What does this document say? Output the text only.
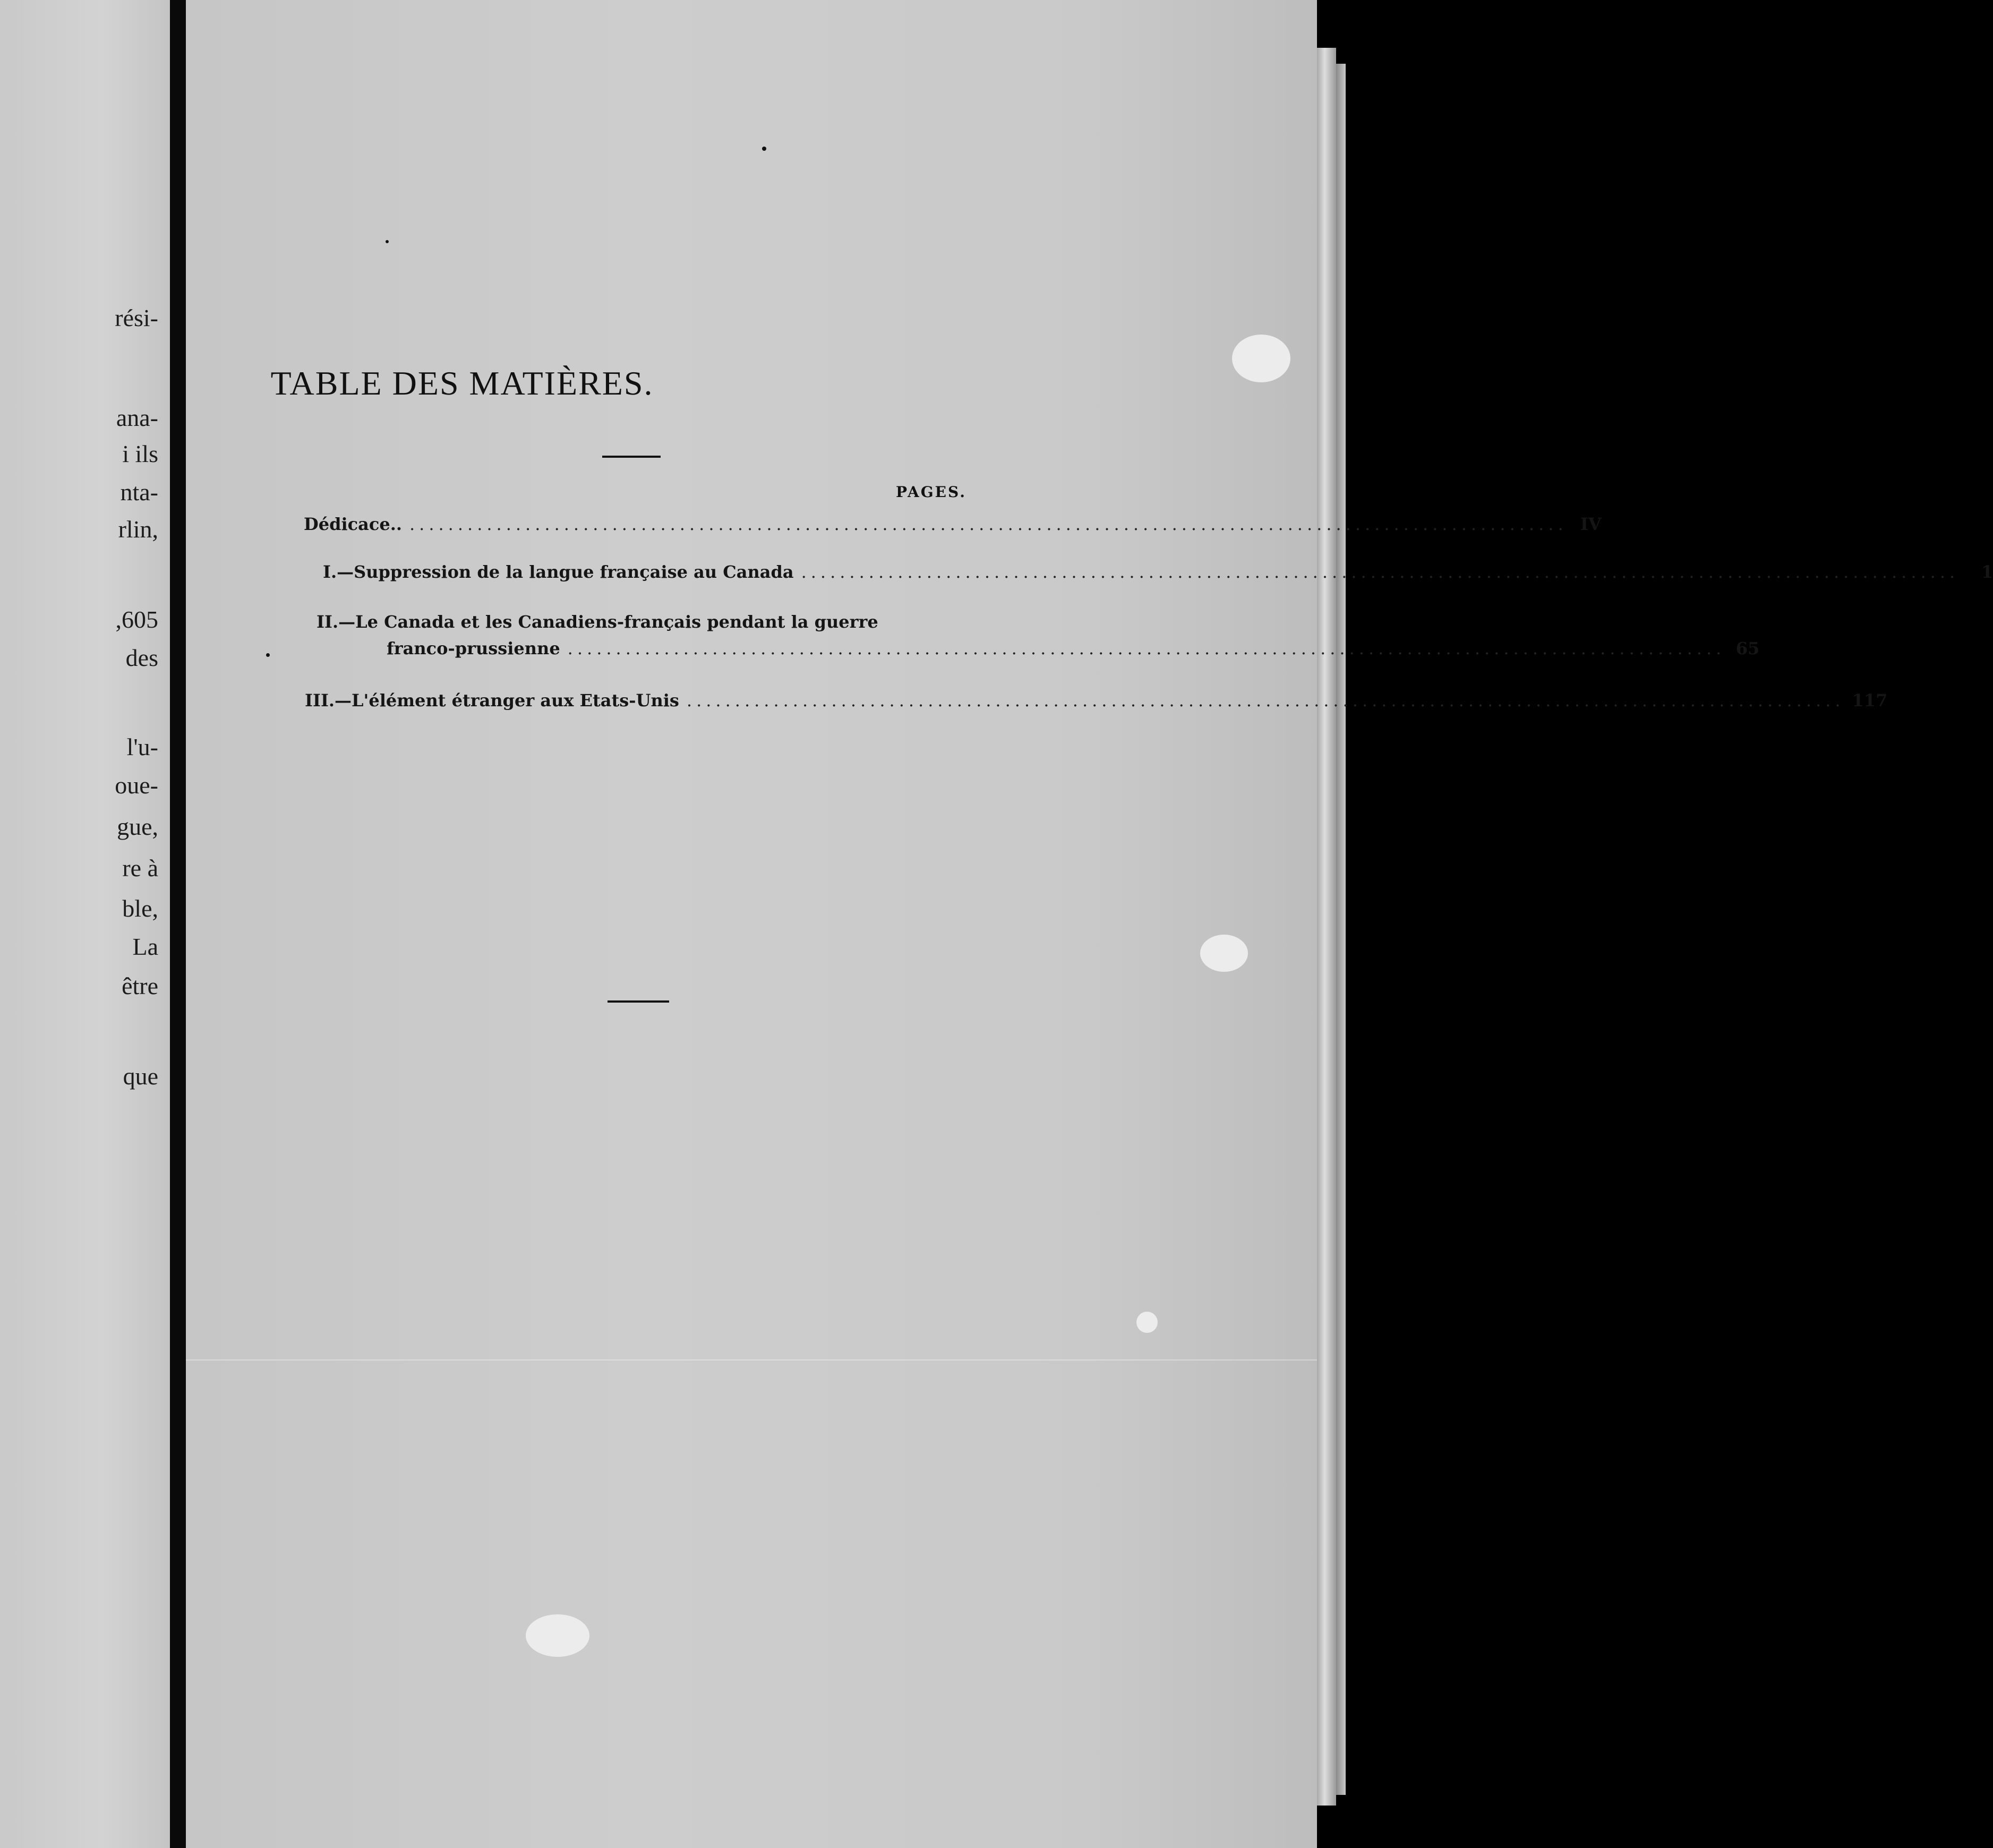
rési-
ana-
i ils
nta-
rlin,
,605
des
l'u-
oue-
gue,
re à
ble,
La
être
que
TABLE DES MATIÈRES.
PAGES.
Dédicace.. ........................................................................................................................ IV
I.—Suppression de la langue française au Canada ........................................................................................................................	1
II.—Le Canada et les Canadiens-français pendant la guerre
franco-prussienne ........................................................................................................................ 65
III.—L'élément étranger aux Etats-Unis ........................................................................................................................ 117
